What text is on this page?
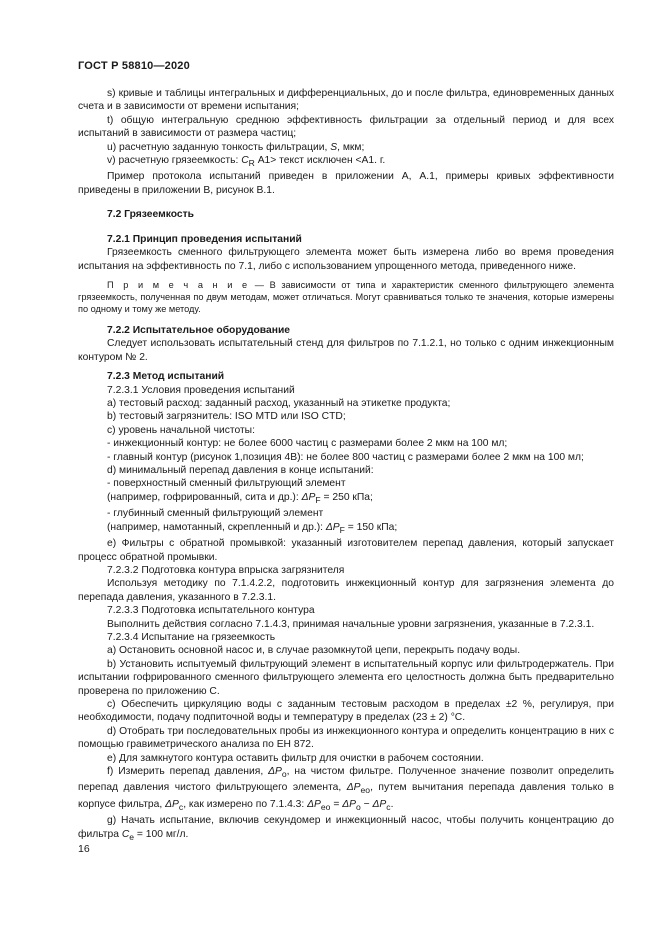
ГОСТ Р 58810—2020

s) кривые и таблицы интегральных и дифференциальных, до и после фильтра, единовременных данных счета и в зависимости от времени испытания;

t) общую интегральную среднюю эффективность фильтрации за отдельный период и для всех испытаний в зависимости от размера частиц;

u) расчетную заданную тонкость фильтрации, S, мкм;

v) расчетную грязеемкость: $C_R$ А1> текст исключен <А1. г.

Пример протокола испытаний приведен в приложении А, А.1, примеры кривых эффективности приведены в приложении В, рисунок В.1.

7.2 Грязеемкость

7.2.1 Принцип проведения испытаний

Грязеемкость сменного фильтрующего элемента может быть измерена либо во время проведения испытания на эффективность по 7.1, либо с использованием упрощенного метода, приведенного ниже.

П р и м е ч а н и е — В зависимости от типа и характеристик сменного фильтрующего элемента грязеемкость, полученная по двум методам, может отличаться. Могут сравниваться только те значения, которые измерены по одному и тому же методу.

7.2.2 Испытательное оборудование

Следует использовать испытательный стенд для фильтров по 7.1.2.1, но только с одним инжекционным контуром № 2.

7.2.3 Метод испытаний

7.2.3.1 Условия проведения испытаний

а) тестовый расход: заданный расход, указанный на этикетке продукта;

b) тестовый загрязнитель: ISO MTD или ISO CTD;

с) уровень начальной чистоты:

- инжекционный контур: не более 6000 частиц с размерами более 2 мкм на 100 мл;

- главный контур (рисунок 1,позиция 4В): не более 800 частиц с размерами более 2 мкм на 100 мл;

d) минимальный перепад давления в конце испытаний:

- поверхностный сменный фильтрующий элемент

(например, гофрированный, сита и др.): $\Delta P_F = 250$ кПа;

- глубинный сменный фильтрующий элемент

(например, намотанный, скрепленный и др.): $\Delta P_F = 150$ кПа;

е) Фильтры с обратной промывкой: указанный изготовителем перепад давления, который запускает процесс обратной промывки.

7.2.3.2 Подготовка контура впрыска загрязнителя

Используя методику по 7.1.4.2.2, подготовить инжекционный контур для загрязнения элемента до перепада давления, указанного в 7.2.3.1.

7.2.3.3 Подготовка испытательного контура

Выполнить действия согласно 7.1.4.3, принимая начальные уровни загрязнения, указанные в 7.2.3.1.

7.2.3.4 Испытание на грязеемкость

а) Остановить основной насос и, в случае разомкнутой цепи, перекрыть подачу воды.

b) Установить испытуемый фильтрующий элемент в испытательный корпус или фильтродержатель. При испытании гофрированного сменного фильтрующего элемента его целостность должна быть предварительно проверена по приложению С.

с) Обеспечить циркуляцию воды с заданным тестовым расходом в пределах ±2 %, регулируя, при необходимости, подачу подпиточной воды и температуру в пределах (23 ± 2) °С.

d) Отобрать три последовательных пробы из инжекционного контура и определить концентрацию в них с помощью гравиметрического анализа по ЕН 872.

е) Для замкнутого контура оставить фильтр для очистки в рабочем состоянии.

f) Измерить перепад давления, $\Delta P_o$, на чистом фильтре. Полученное значение позволит определить перепад давления чистого фильтрующего элемента, $\Delta P_{eo}$, путем вычитания перепада давления только в корпусе фильтра, $\Delta P_c$, как измерено по 7.1.4.3: $\Delta P_{eo} = \Delta P_o - \Delta P_c$.

g) Начать испытание, включив секундомер и инжекционный насос, чтобы получить концентрацию до фильтра $C_e = 100$ мг/л.

16
